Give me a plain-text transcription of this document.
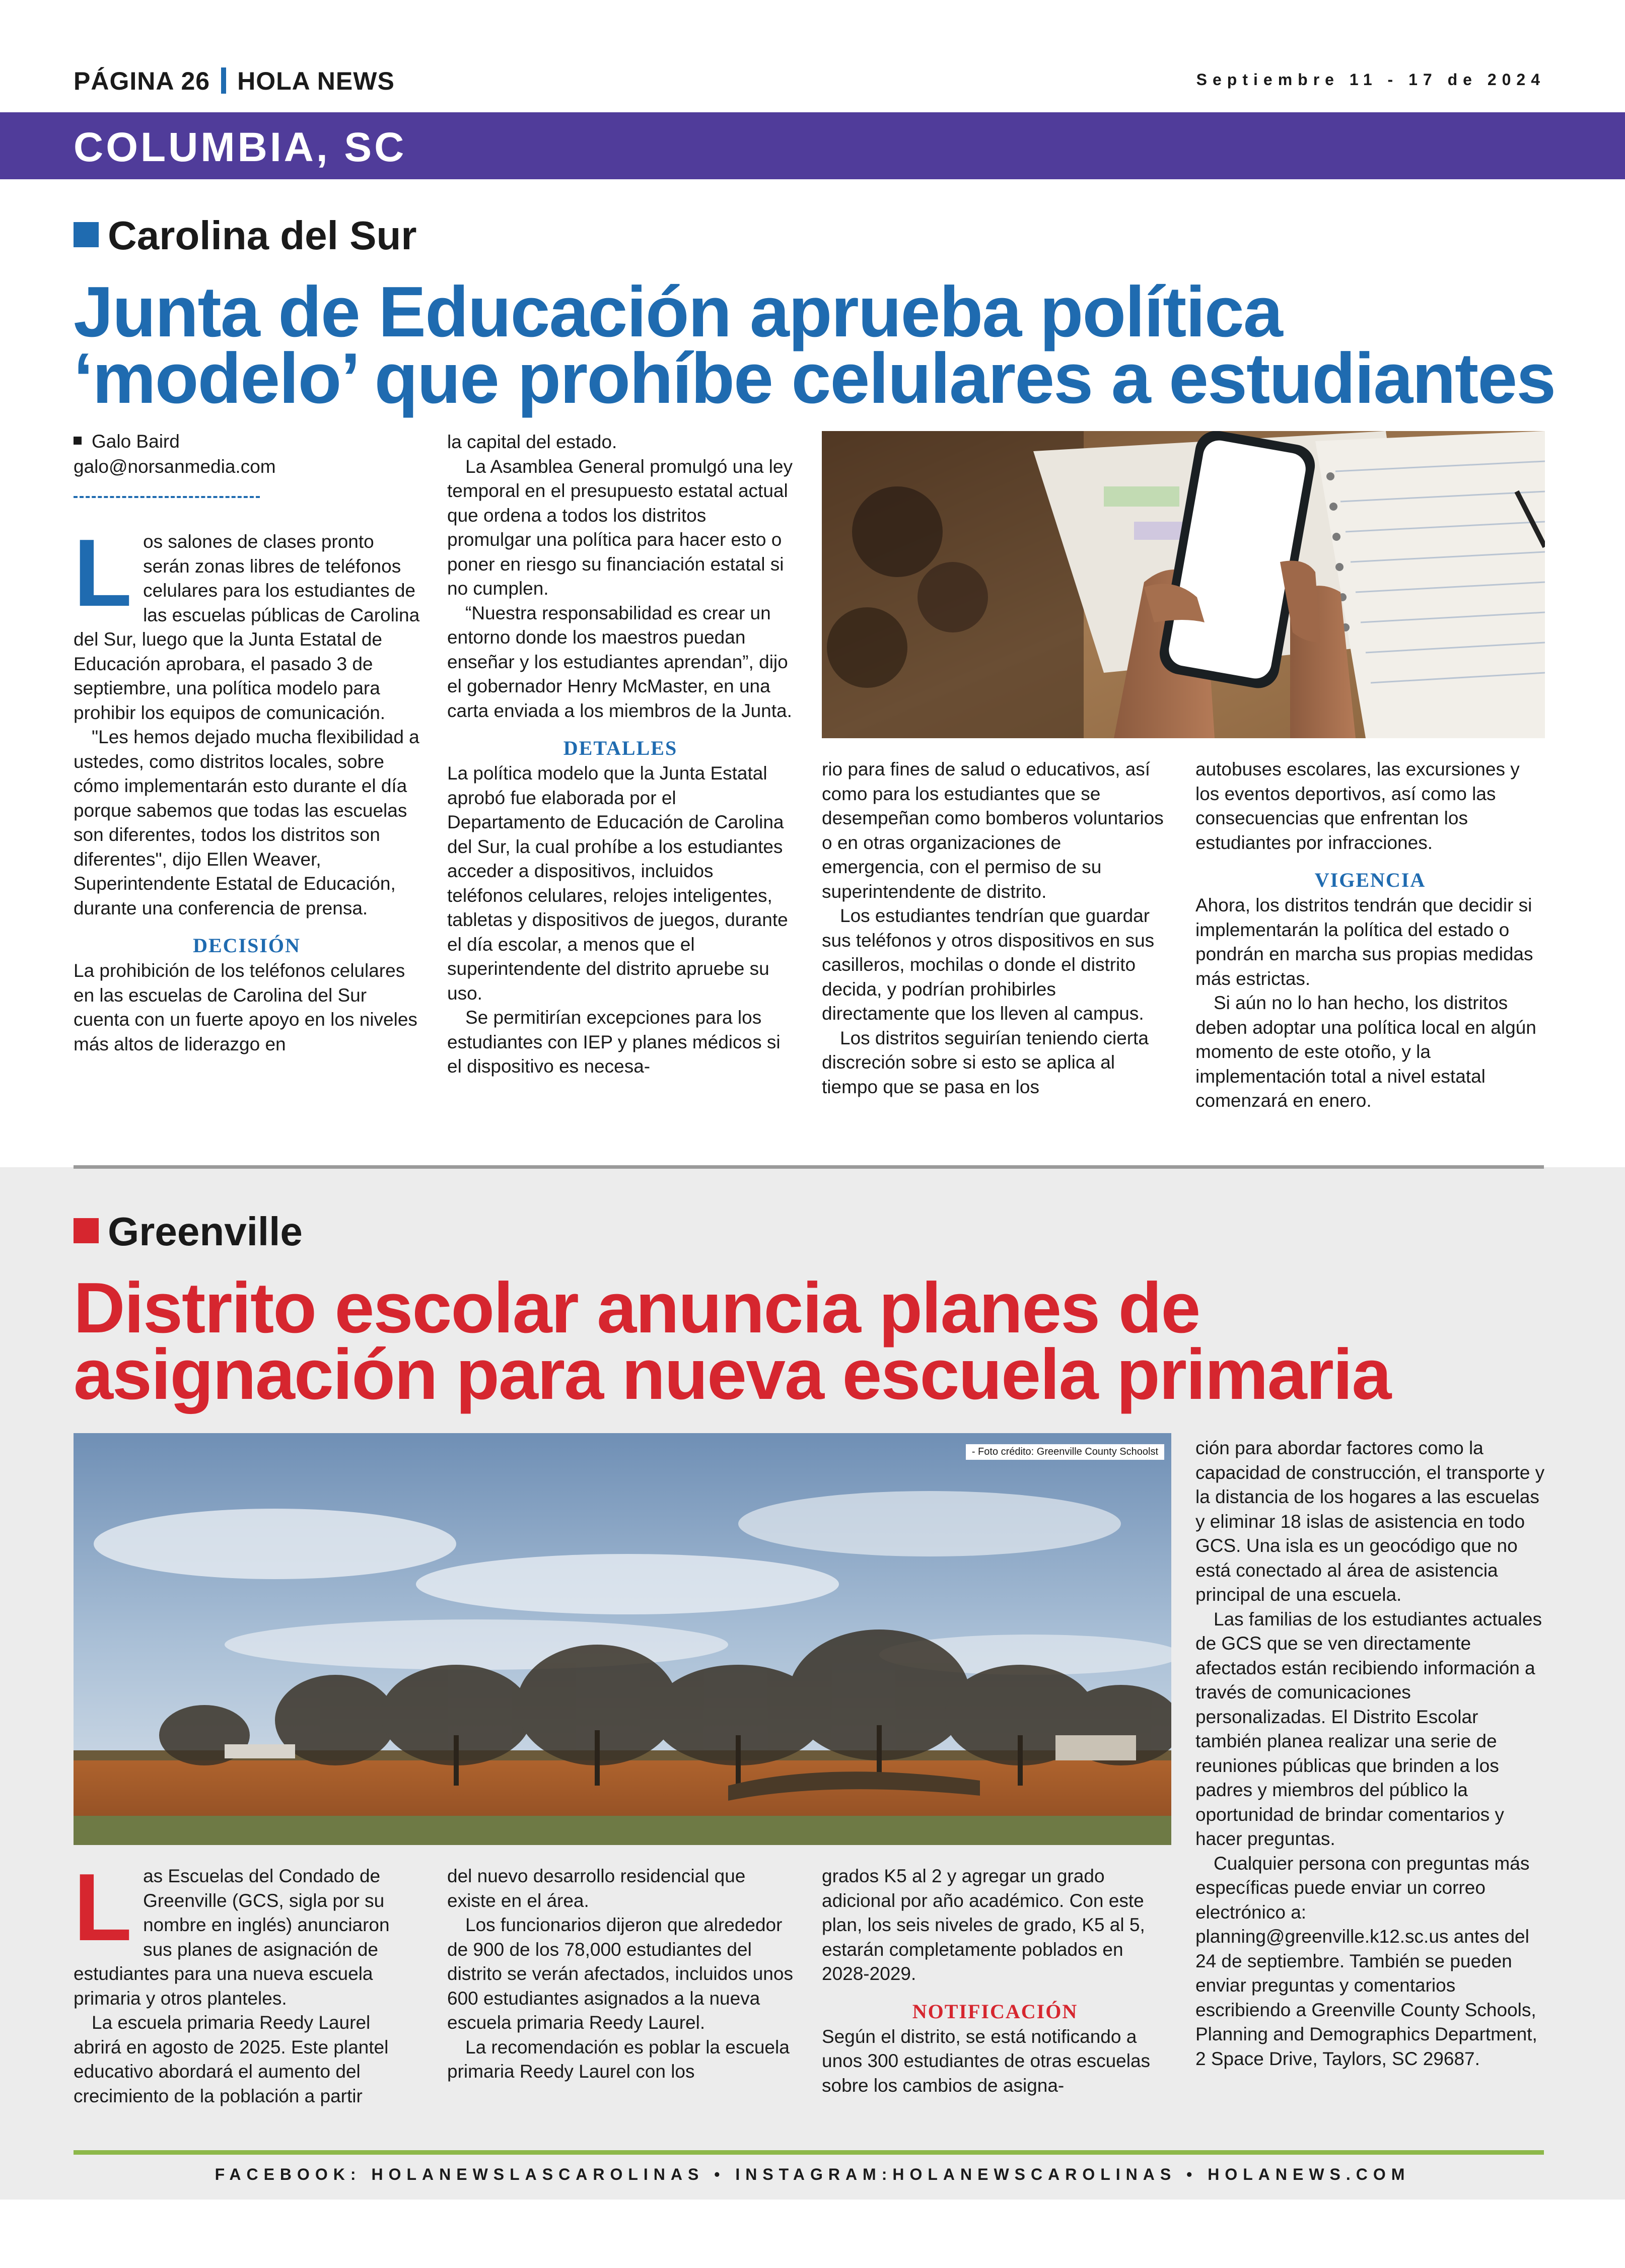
PÁGINA 26 HOLA NEWS	Septiembre 11 - 17 de 2024
COLUMBIA, SC
Carolina del Sur
Junta de Educación aprueba política
‘modelo’ que prohíbe celulares a estudiantes
Galo Baird
galo@norsanmedia.com
L os salones de clases pronto serán zonas libres de teléfonos celulares para los estudiantes de las escuelas públicas de Carolina del Sur, luego que la Junta Estatal de Educación aprobara, el pasado 3 de septiembre, una política modelo para prohibir los equipos de comunicación.

"Les hemos dejado mucha flexibilidad a ustedes, como distritos locales, sobre cómo implementarán esto durante el día porque sabemos que todas las escuelas son diferentes, todos los distritos son diferentes", dijo Ellen Weaver, Superintendente Estatal de Educación, durante una conferencia de prensa.

DECISIÓN

La prohibición de los teléfonos celulares en las escuelas de Carolina del Sur cuenta con un fuerte apoyo en los niveles más altos de liderazgo en

la capital del estado.

La Asamblea General promulgó una ley temporal en el presupuesto estatal actual que ordena a todos los distritos promulgar una política para hacer esto o poner en riesgo su financiación estatal si no cumplen.

“Nuestra responsabilidad es crear un entorno donde los maestros puedan enseñar y los estudiantes aprendan”, dijo el gobernador Henry McMaster, en una carta enviada a los miembros de la Junta.

DETALLES

La política modelo que la Junta Estatal aprobó fue elaborada por el Departamento de Educación de Carolina del Sur, la cual prohíbe a los estudiantes acceder a dispositivos, incluidos teléfonos celulares, relojes inteligentes, tabletas y dispositivos de juegos, durante el día escolar, a menos que el superintendente del distrito apruebe su uso.

Se permitirían excepciones para los estudiantes con IEP y planes médicos si el dispositivo es necesa-

rio para fines de salud o educativos, así como para los estudiantes que se desempeñan como bomberos voluntarios o en otras organizaciones de emergencia, con el permiso de su superintendente de distrito.

Los estudiantes tendrían que guardar sus teléfonos y otros dispositivos en sus casilleros, mochilas o donde el distrito decida, y podrían prohibirles directamente que los lleven al campus.

Los distritos seguirían teniendo cierta discreción sobre si esto se aplica al tiempo que se pasa en los

autobuses escolares, las excursiones y los eventos deportivos, así como las consecuencias que enfrentan los estudiantes por infracciones.

VIGENCIA

Ahora, los distritos tendrán que decidir si implementarán la política del estado o pondrán en marcha sus propias medidas más estrictas.

Si aún no lo han hecho, los distritos deben adoptar una política local en algún momento de este otoño, y la implementación total a nivel estatal comenzará en enero.

Greenville
Distrito escolar anuncia planes de
asignación para nueva escuela primaria
- Foto crédito: Greenville County Schoolst
L as Escuelas del Condado de Greenville (GCS, sigla por su nombre en inglés) anunciaron sus planes de asignación de estudiantes para una nueva escuela primaria y otros planteles.

La escuela primaria Reedy Laurel abrirá en agosto de 2025. Este plantel educativo abordará el aumento del crecimiento de la población a partir

del nuevo desarrollo residencial que existe en el área.

Los funcionarios dijeron que alrededor de 900 de los 78,000 estudiantes del distrito se verán afectados, incluidos unos 600 estudiantes asignados a la nueva escuela primaria Reedy Laurel.

La recomendación es poblar la escuela primaria Reedy Laurel con los

grados K5 al 2 y agregar un grado adicional por año académico. Con este plan, los seis niveles de grado, K5 al 5, estarán completamente poblados en 2028-2029.

NOTIFICACIÓN

Según el distrito, se está notificando a unos 300 estudiantes de otras escuelas sobre los cambios de asigna-

ción para abordar factores como la capacidad de construcción, el transporte y la distancia de los hogares a las escuelas y eliminar 18 islas de asistencia en todo GCS. Una isla es un geocódigo que no está conectado al área de asistencia principal de una escuela.

Las familias de los estudiantes actuales de GCS que se ven directamente afectados están recibiendo información a través de comunicaciones personalizadas. El Distrito Escolar también planea realizar una serie de reuniones públicas que brinden a los padres y miembros del público la oportunidad de brindar comentarios y hacer preguntas.

Cualquier persona con preguntas más específicas puede enviar un correo electrónico a: planning@greenville.k12.sc.us antes del 24 de septiembre. También se pueden enviar preguntas y comentarios escribiendo a Greenville County Schools, Planning and Demographics Department, 2 Space Drive, Taylors, SC 29687.

FACEBOOK: HOLANEWSLASCAROLINAS • INSTAGRAM:HOLANEWSCAROLINAS • HOLANEWS.COM
